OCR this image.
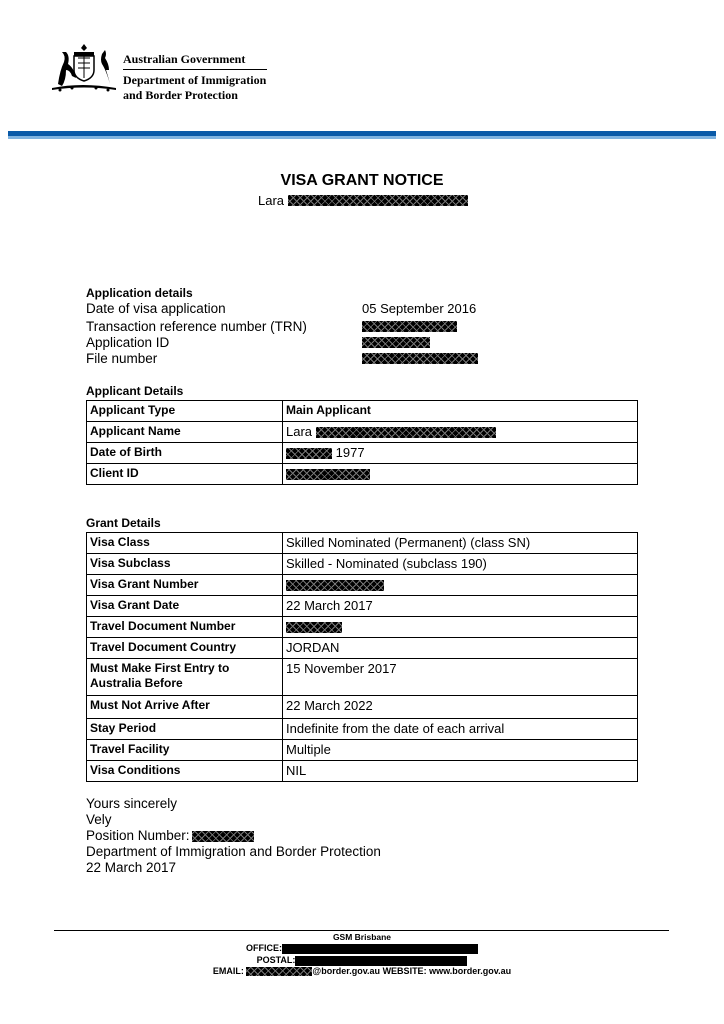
Australian Government
Department of Immigration
and Border Protection
VISA GRANT NOTICE
Lara
Application details
Date of visa application	05 September 2016
Transaction reference number (TRN)
Application ID
File number
Applicant Details
Applicant Type	Main Applicant
Applicant Name	Lara
Date of Birth	1977
Client ID	
Grant Details
Visa Class	Skilled Nominated (Permanent) (class SN)
Visa Subclass	Skilled - Nominated (subclass 190)
Visa Grant Number	
Visa Grant Date	22 March 2017
Travel Document Number	
Travel Document Country	JORDAN
Must Make First Entry to Australia Before	15 November 2017
Must Not Arrive After	22 March 2022
Stay Period	Indefinite from the date of each arrival
Travel Facility	Multiple
Visa Conditions	NIL
Yours sincerely
Vely
Position Number:
Department of Immigration and Border Protection
22 March 2017
GSM Brisbane
OFFICE:
POSTAL:
EMAIL:	@border.gov.au WEBSITE: www.border.gov.au
